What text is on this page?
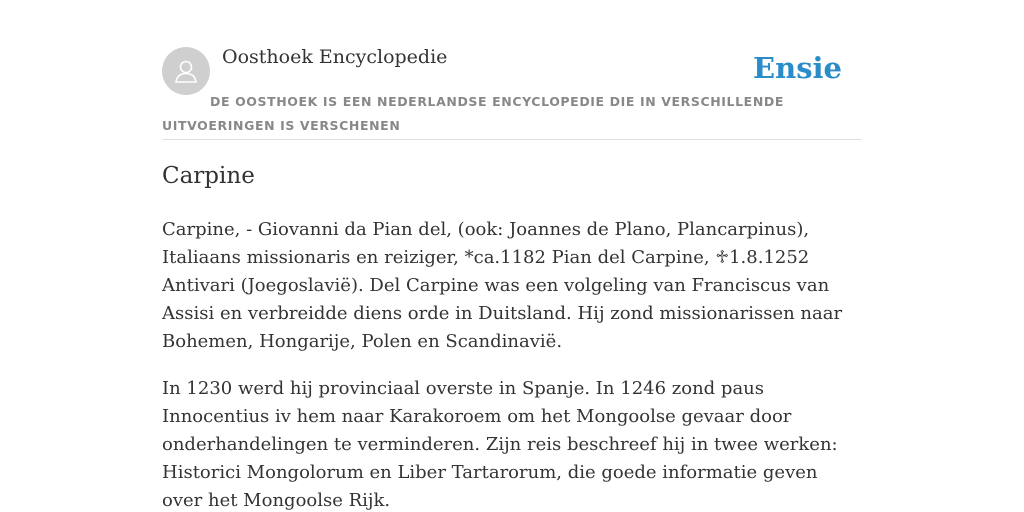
Oosthoek Encyclopedie	Ensie
DE OOSTHOEK IS EEN NEDERLANDSE ENCYCLOPEDIE DIE IN VERSCHILLENDE UITVOERINGEN IS VERSCHENEN
Carpine

Carpine, - Giovanni da Pian del, (ook: Joannes de Plano, Plancarpinus), Italiaans missionaris en reiziger, *ca.1182 Pian del Carpine, ♱1.8.1252 Antivari (Joegoslavië). Del Carpine was een volgeling van Franciscus van Assisi en verbreidde diens orde in Duitsland. Hij zond missionarissen naar Bohemen, Hongarije, Polen en Scandinavië.

In 1230 werd hij provinciaal overste in Spanje. In 1246 zond paus Innocentius iv hem naar Karakoroem om het Mongoolse gevaar door onderhandelingen te verminderen. Zijn reis beschreef hij in twee werken: Historici Mongolorum en Liber Tartarorum, die goede informatie geven over het Mongoolse Rijk.
